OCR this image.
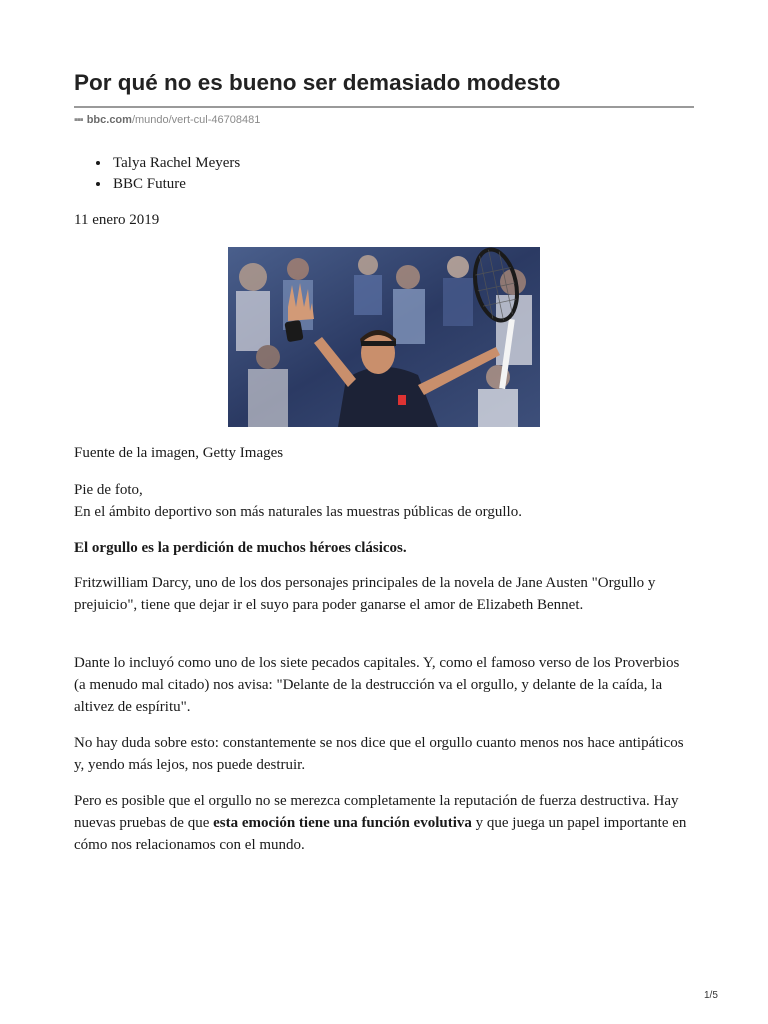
Por qué no es bueno ser demasiado modesto
▪▪▪ bbc.com/mundo/vert-cul-46708481
• Talya Rachel Meyers
• BBC Future
11 enero 2019

Fuente de la imagen, Getty Images

Pie de foto,
En el ámbito deportivo son más naturales las muestras públicas de orgullo.

El orgullo es la perdición de muchos héroes clásicos.

Fritzwilliam Darcy, uno de los dos personajes principales de la novela de Jane Austen "Orgullo y prejuicio", tiene que dejar ir el suyo para poder ganarse el amor de Elizabeth Bennet.

Dante lo incluyó como uno de los siete pecados capitales. Y, como el famoso verso de los Proverbios (a menudo mal citado) nos avisa: "Delante de la destrucción va el orgullo, y delante de la caída, la altivez de espíritu".

No hay duda sobre esto: constantemente se nos dice que el orgullo cuanto menos nos hace antipáticos y, yendo más lejos, nos puede destruir.

Pero es posible que el orgullo no se merezca completamente la reputación de fuerza destructiva. Hay nuevas pruebas de que esta emoción tiene una función evolutiva y que juega un papel importante en cómo nos relacionamos con el mundo.

1/5
